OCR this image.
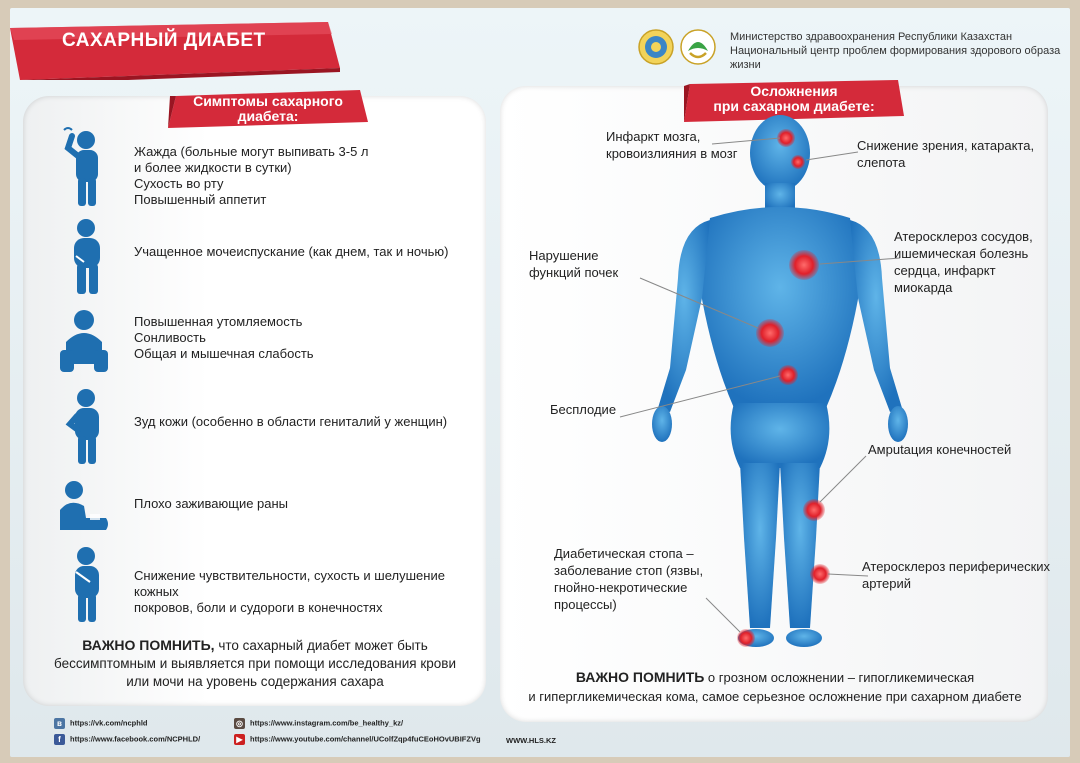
САХАРНЫЙ ДИАБЕТ	Министерство здравоохранения Республики Казахстан
Национальный центр проблем формирования здорового образа жизни
Симптомы сахарного
диабета:
Жажда (больные могут выпивать 3-5 л
и более жидкости в сутки)
Сухость во рту
Повышенный аппетит
Учащенное мочеиспускание (как днем, так и ночью)
Повышенная утомляемость
Сонливость
Общая и мышечная слабость
Зуд кожи (особенно в области гениталий у женщин)
Плохо заживающие раны
Снижение чувствительности, сухость и шелушение кожных
покровов, боли и судороги в конечностях
ВАЖНО ПОМНИТЬ, что сахарный диабет может быть
бессимптомным и выявляется при помощи исследования крови
или мочи на уровень содержания сахара
Осложнения
при сахарном диабете:
Инфаркт мозга,
кровоизлияния в мозг
Снижение зрения, катаракта,
слепота
Атеросклероз сосудов,
ишемическая болезнь
сердца, инфаркт
миокарда
Нарушение
функций почек
Бесплодие
Амputация конечностей
Диабетическая стопа –
заболевание стоп (язвы,
гнойно-некротические
процессы)
Атеросклероз периферических
артерий
ВАЖНО ПОМНИТЬ о грозном осложнении – гипогликемическая
и гипергликемическая кома, самое серьезное осложнение при сахарном диабете
в https://vk.com/ncphld
f https://www.facebook.com/NCPHLD/
◎ https://www.instagram.com/be_healthy_kz/
▶ https://www.youtube.com/channel/UColfZqp4fuCEoHOvUBIFZVg	WWW.HLS.KZ
